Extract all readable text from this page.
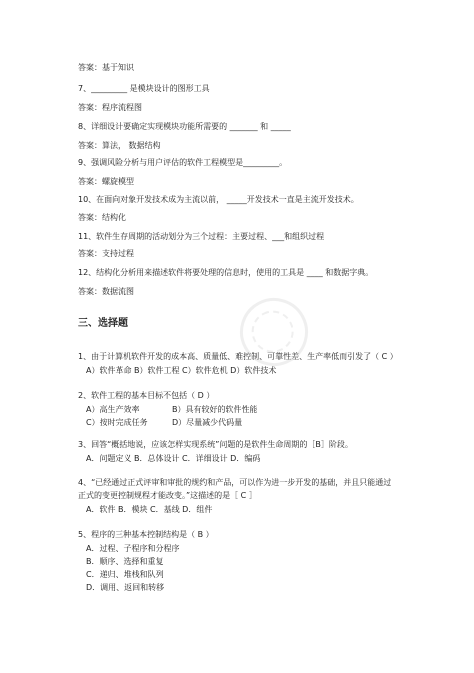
答案：基于知识
7、_________ 是模块设计的图形工具
答案：程序流程图
8、详细设计要确定实现模块功能所需要的 _______ 和 _____
答案：算法， 数据结构
9、强调风险分析与用户评估的软件工程模型是_________。
答案：螺旋模型
10、在面向对象开发技术成为主流以前， _____开发技术一直是主流开发技术。
答案：结构化
11、软件生存周期的活动划分为三个过程：主要过程、___和组织过程
答案：支持过程
12、结构化分析用来描述软件将要处理的信息时，使用的工具是 ____ 和数据字典。
答案：数据流图
三、选择题
1、由于计算机软件开发的成本高、质量低、难控制、可靠性差、生产率低而引发了（ C ）
A）软件革命 B）软件工程 C）软件危机 D）软件技术
2、软件工程的基本目标不包括（ D ）
A）高生产效率	B）具有较好的软件性能
C）按时完成任务	D）尽量减少代码量
3、回答“概括地说，应该怎样实现系统”问题的是软件生命周期的［B］阶段。
A．问题定义 B．总体设计 C．详细设计 D．编码
4、“已经通过正式评审和审批的规约和产品，可以作为进一步开发的基础，并且只能通过
正式的变更控制规程才能改变。”这描述的是［ C ］
A．软件 B．模块 C．基线 D．组件
5、程序的三种基本控制结构是（ B ）
A．过程、子程序和分程序
B．顺序、选择和重复
C．递归、堆栈和队列
D．调用、返回和转移
